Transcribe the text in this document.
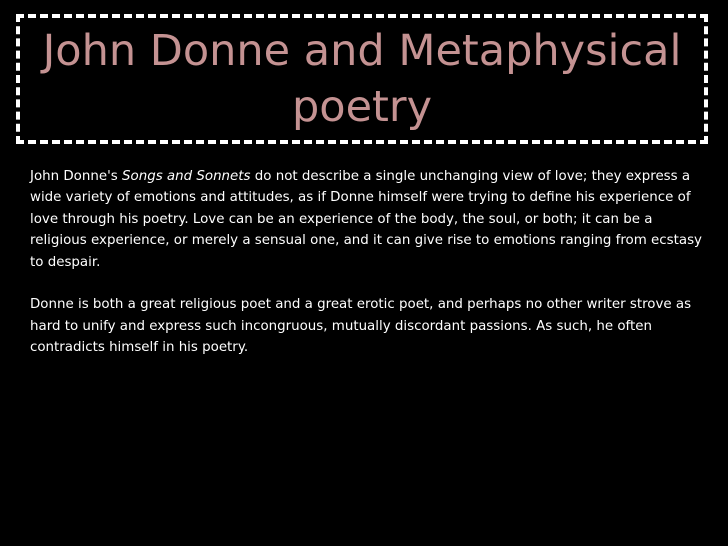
John Donne and Metaphysical poetry

John Donne's Songs and Sonnets do not describe a single unchanging view of love; they express a wide variety of emotions and attitudes, as if Donne himself were trying to define his experience of love through his poetry. Love can be an experience of the body, the soul, or both; it can be a religious experience, or merely a sensual one, and it can give rise to emotions ranging from ecstasy to despair.

Donne is both a great religious poet and a great erotic poet, and perhaps no other writer strove as hard to unify and express such incongruous, mutually discordant passions. As such, he often contradicts himself in his poetry.
